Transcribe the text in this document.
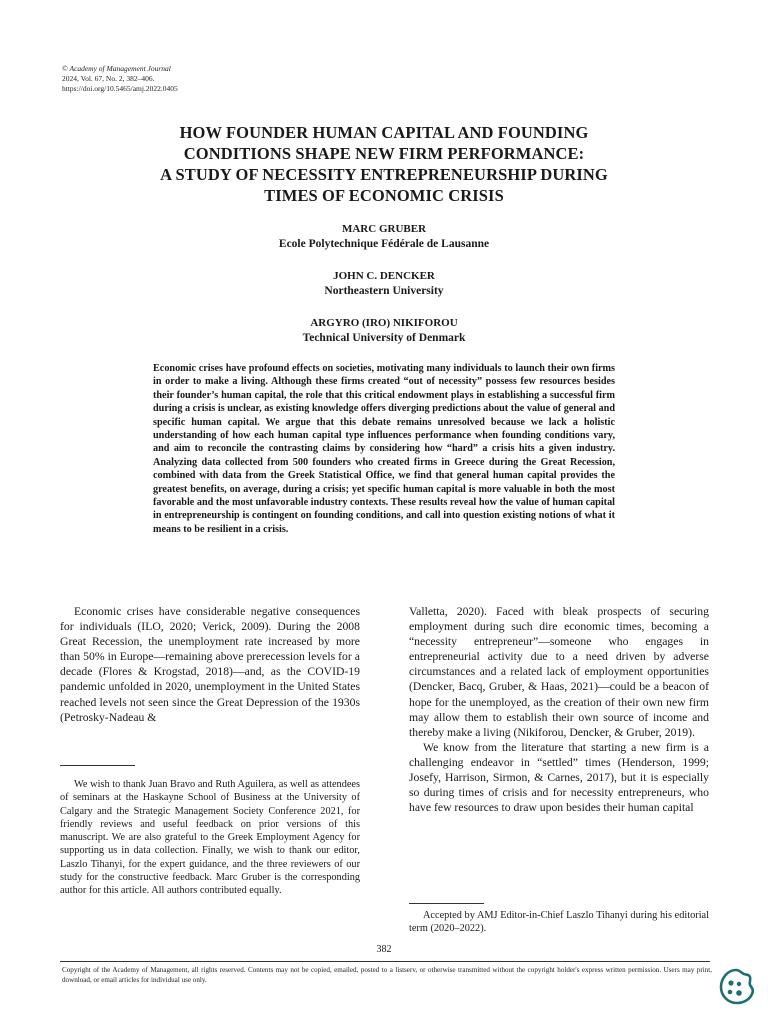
© Academy of Management Journal
2024, Vol. 67, No. 2, 382–406.
https://doi.org/10.5465/amj.2022.0405
HOW FOUNDER HUMAN CAPITAL AND FOUNDING
CONDITIONS SHAPE NEW FIRM PERFORMANCE:
A STUDY OF NECESSITY ENTREPRENEURSHIP DURING
TIMES OF ECONOMIC CRISIS
MARC GRUBER
Ecole Polytechnique Fédérale de Lausanne
JOHN C. DENCKER
Northeastern University
ARGYRO (IRO) NIKIFOROU
Technical University of Denmark
Economic crises have profound effects on societies, motivating many individuals to launch their own firms in order to make a living. Although these firms created “out of necessity” possess few resources besides their founder’s human capital, the role that this critical endowment plays in establishing a successful firm during a crisis is unclear, as existing knowledge offers diverging predictions about the value of general and specific human capital. We argue that this debate remains unresolved because we lack a holistic understanding of how each human capital type influences performance when founding conditions vary, and aim to reconcile the contrasting claims by considering how “hard” a crisis hits a given industry. Analyzing data collected from 500 founders who created firms in Greece during the Great Recession, combined with data from the Greek Statistical Office, we find that general human capital provides the greatest benefits, on average, during a crisis; yet specific human capital is more valuable in both the most favorable and the most unfavorable industry contexts. These results reveal how the value of human capital in entrepreneurship is contingent on founding conditions, and call into question existing notions of what it means to be resilient in a crisis.

Economic crises have considerable negative consequences for individuals (ILO, 2020; Verick, 2009). During the 2008 Great Recession, the unemployment rate increased by more than 50% in Europe—remaining above prerecession levels for a decade (Flores & Krogstad, 2018)—and, as the COVID-19 pandemic unfolded in 2020, unemployment in the United States reached levels not seen since the Great Depression of the 1930s (Petrosky-Nadeau &

Valletta, 2020). Faced with bleak prospects of securing employment during such dire economic times, becoming a “necessity entrepreneur”—someone who engages in entrepreneurial activity due to a need driven by adverse circumstances and a related lack of employment opportunities (Dencker, Bacq, Gruber, & Haas, 2021)—could be a beacon of hope for the unemployed, as the creation of their own new firm may allow them to establish their own source of income and thereby make a living (Nikiforou, Dencker, & Gruber, 2019).

We know from the literature that starting a new firm is a challenging endeavor in “settled” times (Henderson, 1999; Josefy, Harrison, Sirmon, & Carnes, 2017), but it is especially so during times of crisis and for necessity entrepreneurs, who have few resources to draw upon besides their human capital

We wish to thank Juan Bravo and Ruth Aguilera, as well as attendees of seminars at the Haskayne School of Business at the University of Calgary and the Strategic Management Society Conference 2021, for friendly reviews and useful feedback on prior versions of this manuscript. We are also grateful to the Greek Employment Agency for supporting us in data collection. Finally, we wish to thank our editor, Laszlo Tihanyi, for the expert guidance, and the three reviewers of our study for the constructive feedback. Marc Gruber is the corresponding author for this article. All authors contributed equally.
Accepted by AMJ Editor-in-Chief Laszlo Tihanyi during his editorial term (2020–2022).
382
Copyright of the Academy of Management, all rights reserved. Contents may not be copied, emailed, posted to a listserv, or otherwise transmitted without the copyright holder's express written permission. Users may print, download, or email articles for individual use only.
